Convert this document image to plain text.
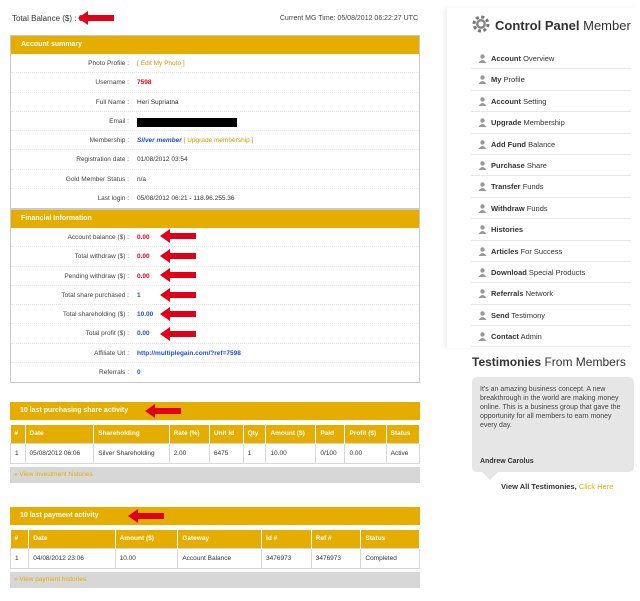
Total Balance ($) :	Current MG Time: 05/08/2012 06:22:27 UTC
Account summary
Photo Profile : [ Edit My Photo ]
Username : 7598
Full Name : Heri Supriatna
Email :
Membership : Silver member [ Upgrade membership ]
Registration date : 01/08/2012 03:54
Gold Member Status : n/a
Last login : 05/08/2012 06:21 - 118.96.255.36
Financial Information
Account balance ($) : 0.00
Total withdraw ($) : 0.00
Pending withdraw ($) : 0.00
Total share purchased : 1
Total shareholding ($) : 10.00
Total profit ($) : 0.00
Affiliate Url : http://multiplegain.com/?ref=7598
Referrals : 0
10 last purchasing share activity
#	Date	Shareholding	Rate (%)	Unit Id	Qty	Amount ($)	Paid	Profit ($)	Status
1	05/08/2012 06:06	Silver Shareholding	2.00	6475	1	10.00	0/100	0.00	Active
» View investment histories
10 last payment activity
#	Date	Amount ($)	Gateway	Id #	Ref #	Status
1	04/08/2012 23:06	10.00	Account Balance	3476973	3476973	Completed
» View payment histories
Control Panel Member
Account Overview
My Profile
Account Setting
Upgrade Membership
Add Fund Balance
Purchase Share
Transfer Funds
Withdraw Funds
Histories
Articles For Success
Download Special Products
Referrals Network
Send Testimony
Contact Admin
Testimonies From Members
It's an amazing business concept. A new breakthrough in the world are making money online. This is a business group that gave the opportunity for all members to earn money every day.
Andrew Carolus
View All Testimonies, Click Here
